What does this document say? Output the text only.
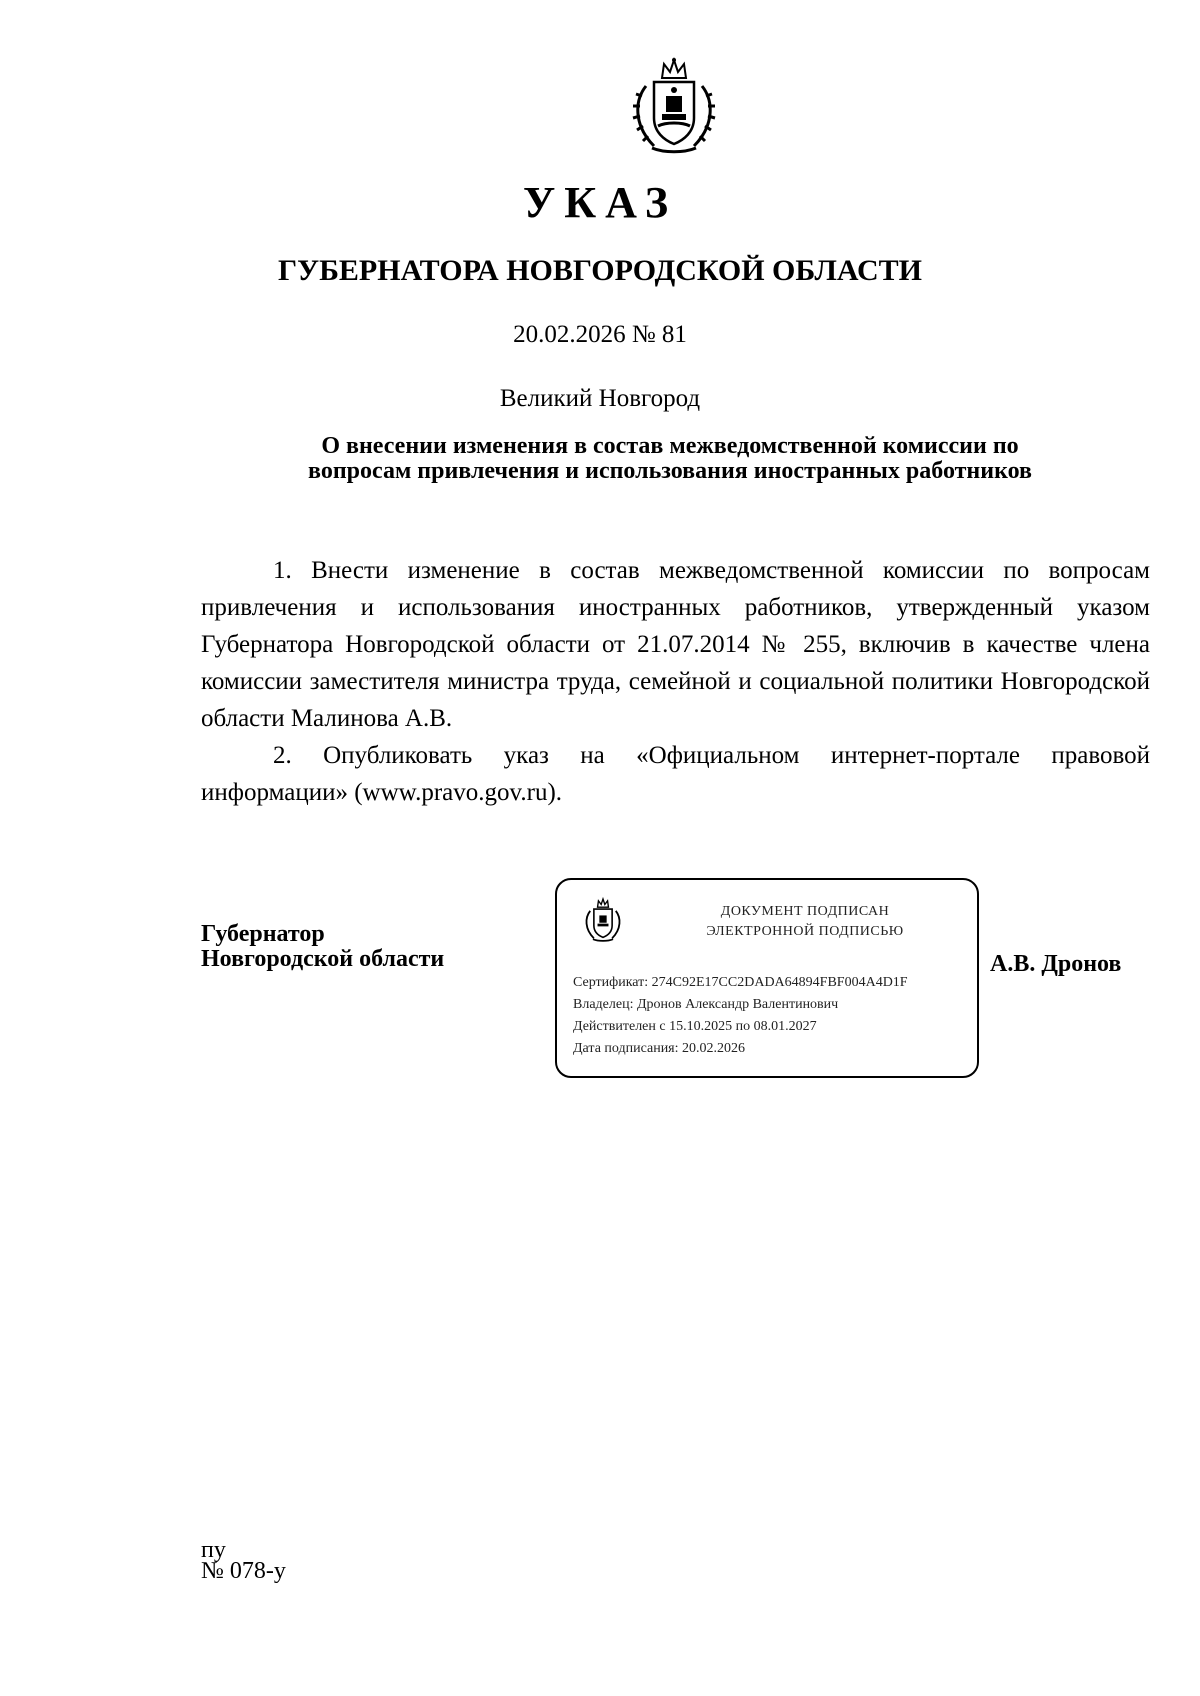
УКАЗ
ГУБЕРНАТОРА НОВГОРОДСКОЙ ОБЛАСТИ
20.02.2026 № 81
Великий Новгород
О внесении изменения в состав межведомственной комиссии по
вопросам привлечения и использования иностранных работников

1. Внести изменение в состав межведомственной комиссии по вопросам привлечения и использования иностранных работников, утвержденный указом Губернатора Новгородской области от 21.07.2014 № 255, включив в качестве члена комиссии заместителя министра труда, семейной и социальной политики Новгородской области Малинова А.В.

2. Опубликовать указ на «Официальном интернет-портале правовой информации» (www.pravo.gov.ru).

Губернатор
Новгородской области
ДОКУМЕНТ ПОДПИСАН
ЭЛЕКТРОННОЙ ПОДПИСЬЮ
Сертификат: 274C92E17CC2DADA64894FBF004A4D1F
Владелец: Дронов Александр Валентинович
Действителен с 15.10.2025 по 08.01.2027
Дата подписания: 20.02.2026
А.В. Дронов
пу
№ 078-у
